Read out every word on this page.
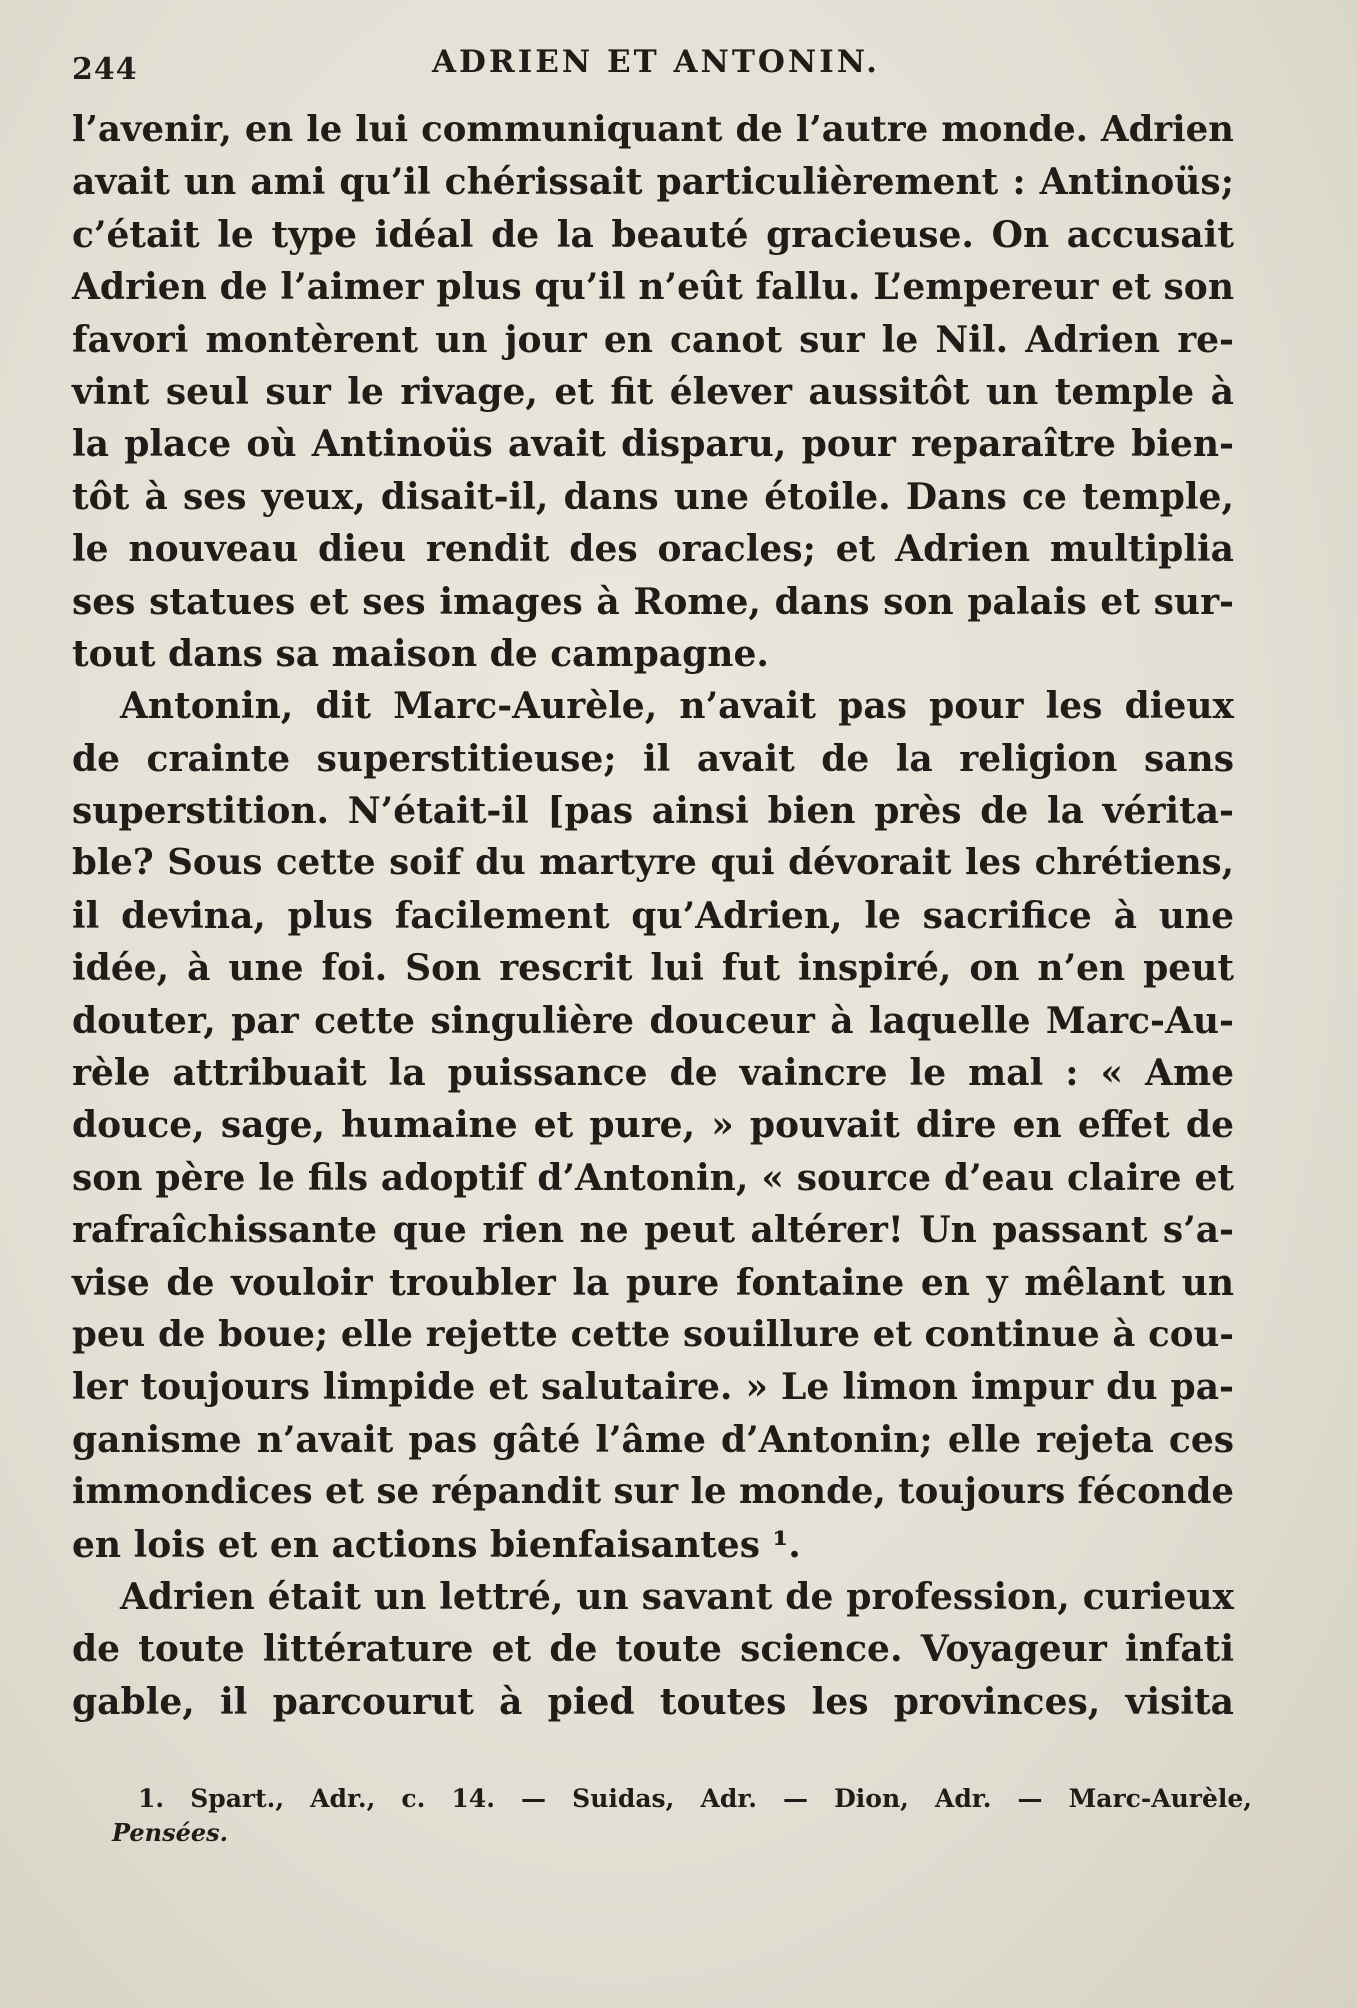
244	ADRIEN ET ANTONIN.
l’avenir, en le lui communiquant de l’autre monde. Adrien
avait un ami qu’il chérissait particulièrement : Antinoüs;
c’était le type idéal de la beauté gracieuse. On accusait
Adrien de l’aimer plus qu’il n’eût fallu. L’empereur et son
favori montèrent un jour en canot sur le Nil. Adrien re-
vint seul sur le rivage, et fit élever aussitôt un temple à
la place où Antinoüs avait disparu, pour reparaître bien-
tôt à ses yeux, disait-il, dans une étoile. Dans ce temple,
le nouveau dieu rendit des oracles; et Adrien multiplia
ses statues et ses images à Rome, dans son palais et sur-
tout dans sa maison de campagne.
Antonin, dit Marc-Aurèle, n’avait pas pour les dieux
de crainte superstitieuse; il avait de la religion sans
superstition. N’était-il [pas ainsi bien près de la vérita-
ble? Sous cette soif du martyre qui dévorait les chrétiens,
il devina, plus facilement qu’Adrien, le sacrifice à une
idée, à une foi. Son rescrit lui fut inspiré, on n’en peut
douter, par cette singulière douceur à laquelle Marc-Au-
rèle attribuait la puissance de vaincre le mal : « Ame
douce, sage, humaine et pure, » pouvait dire en effet de
son père le fils adoptif d’Antonin, « source d’eau claire et
rafraîchissante que rien ne peut altérer! Un passant s’a-
vise de vouloir troubler la pure fontaine en y mêlant un
peu de boue; elle rejette cette souillure et continue à cou-
ler toujours limpide et salutaire. » Le limon impur du pa-
ganisme n’avait pas gâté l’âme d’Antonin; elle rejeta ces
immondices et se répandit sur le monde, toujours féconde
en lois et en actions bienfaisantes ¹.
Adrien était un lettré, un savant de profession, curieux
de toute littérature et de toute science. Voyageur infati
gable, il parcourut à pied toutes les provinces, visita
1. Spart., Adr., c. 14. — Suidas, Adr. — Dion, Adr. — Marc-Aurèle,
Pensées.
